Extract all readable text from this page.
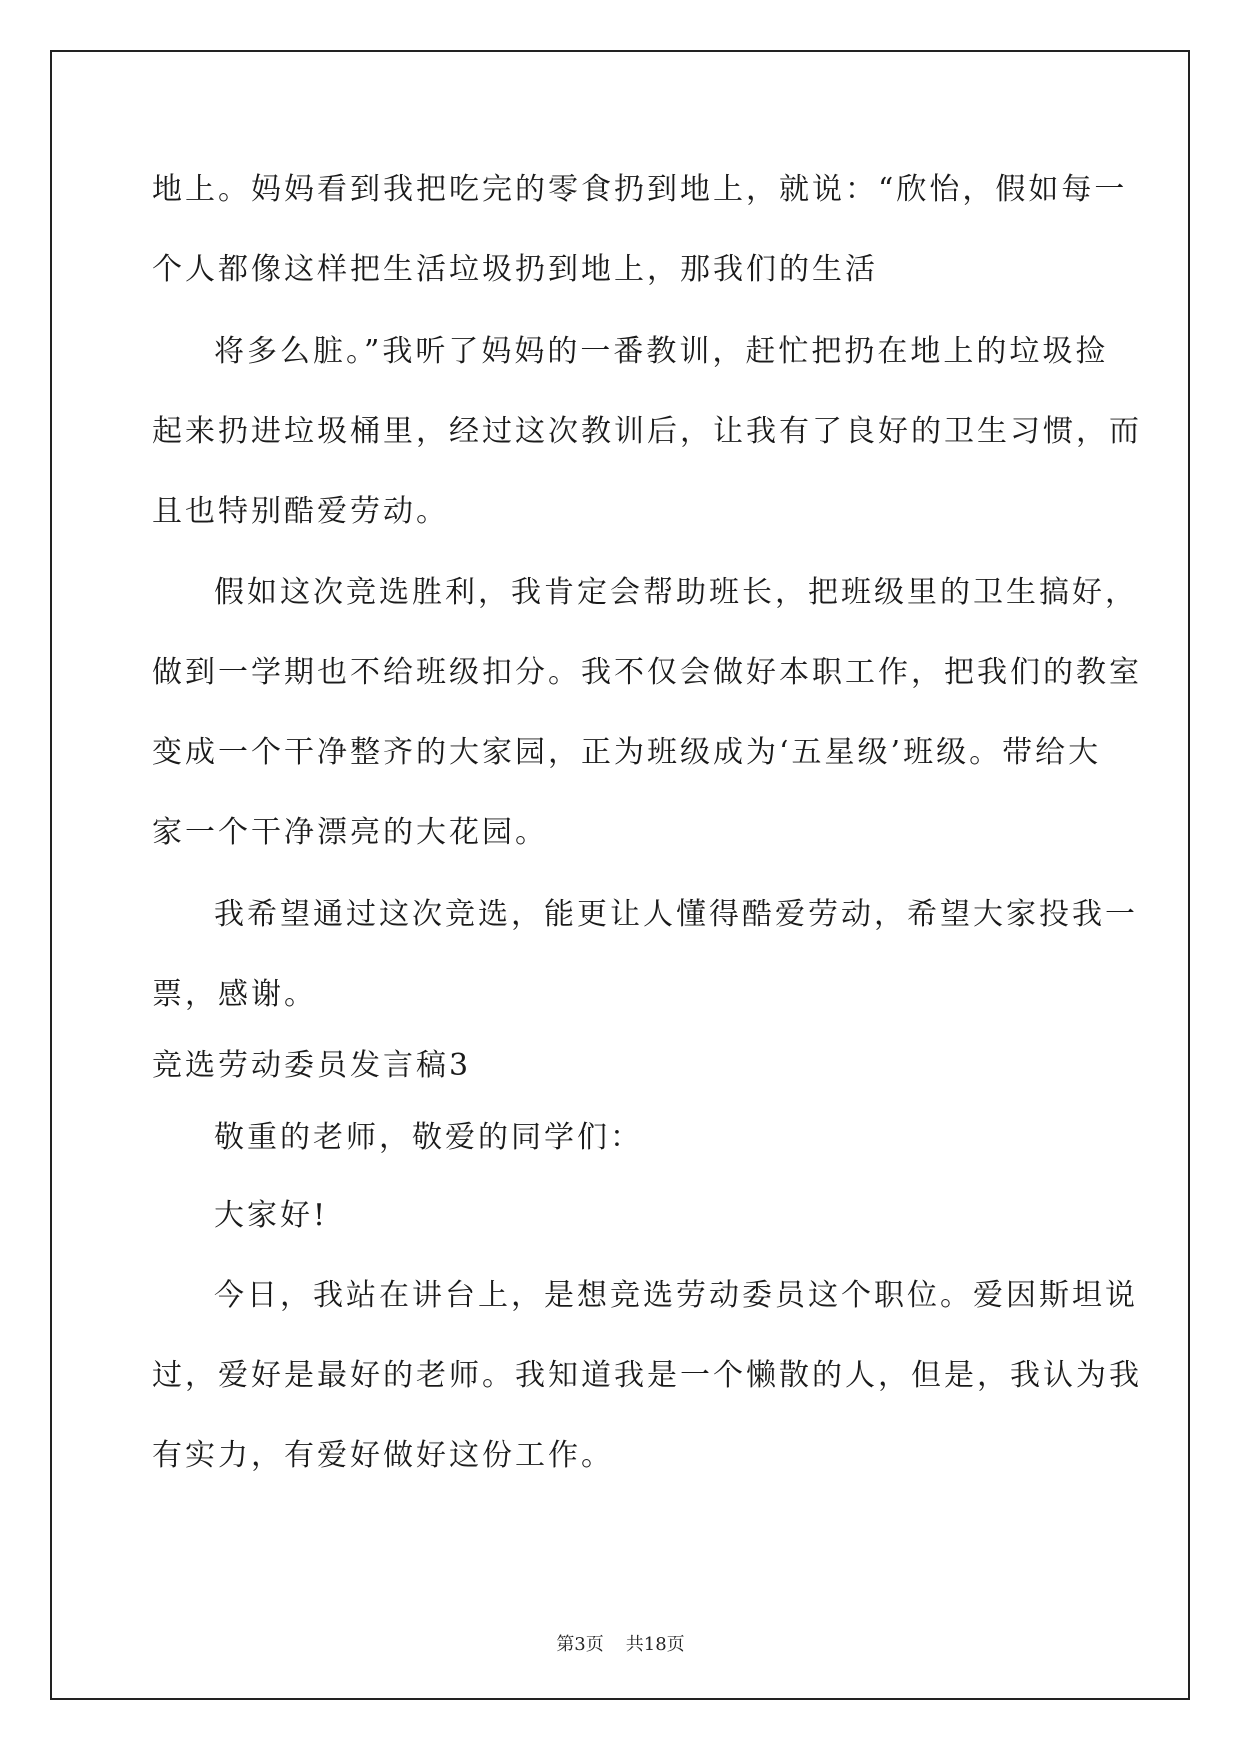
地上。妈妈看到我把吃完的零食扔到地上，就说：“欣怡，假如每一
个人都像这样把生活垃圾扔到地上，那我们的生活
将多么脏。”我听了妈妈的一番教训，赶忙把扔在地上的垃圾捡
起来扔进垃圾桶里，经过这次教训后，让我有了良好的卫生习惯，而
且也特别酷爱劳动。
假如这次竞选胜利，我肯定会帮助班长，把班级里的卫生搞好，
做到一学期也不给班级扣分。我不仅会做好本职工作，把我们的教室
变成一个干净整齐的大家园，正为班级成为‘五星级’班级。带给大
家一个干净漂亮的大花园。
我希望通过这次竞选，能更让人懂得酷爱劳动，希望大家投我一
票，感谢。
竞选劳动委员发言稿3
敬重的老师，敬爱的同学们：
大家好!
今日，我站在讲台上，是想竞选劳动委员这个职位。爱因斯坦说
过，爱好是最好的老师。我知道我是一个懒散的人，但是，我认为我
有实力，有爱好做好这份工作。
第3页 共18页
